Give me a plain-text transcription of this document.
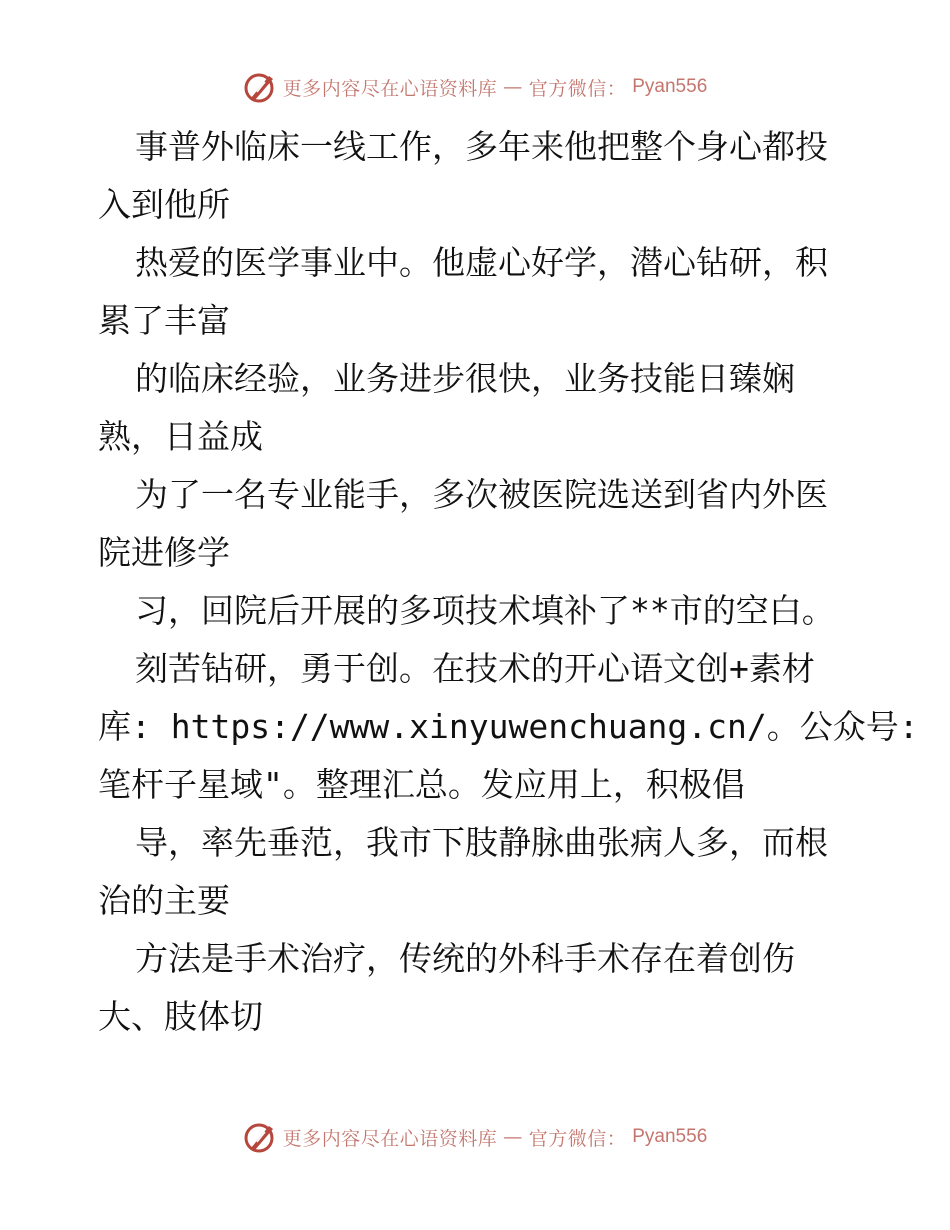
更多内容尽在心语资料库 — 官方微信： Pyan556
事普外临床一线工作，多年来他把整个身心都投
入到他所
热爱的医学事业中。他虚心好学，潜心钻研，积
累了丰富
的临床经验，业务进步很快，业务技能日臻娴
熟，日益成
为了一名专业能手，多次被医院选送到省内外医
院进修学
习，回院后开展的多项技术填补了**市的空白。
刻苦钻研，勇于创。在技术的开心语文创+素材
库: https://www.xinyuwenchuang.cn/。公众号:
笔杆子星域"。整理汇总。发应用上，积极倡
导，率先垂范，我市下肢静脉曲张病人多，而根
治的主要
方法是手术治疗，传统的外科手术存在着创伤
大、肢体切
更多内容尽在心语资料库 — 官方微信： Pyan556
